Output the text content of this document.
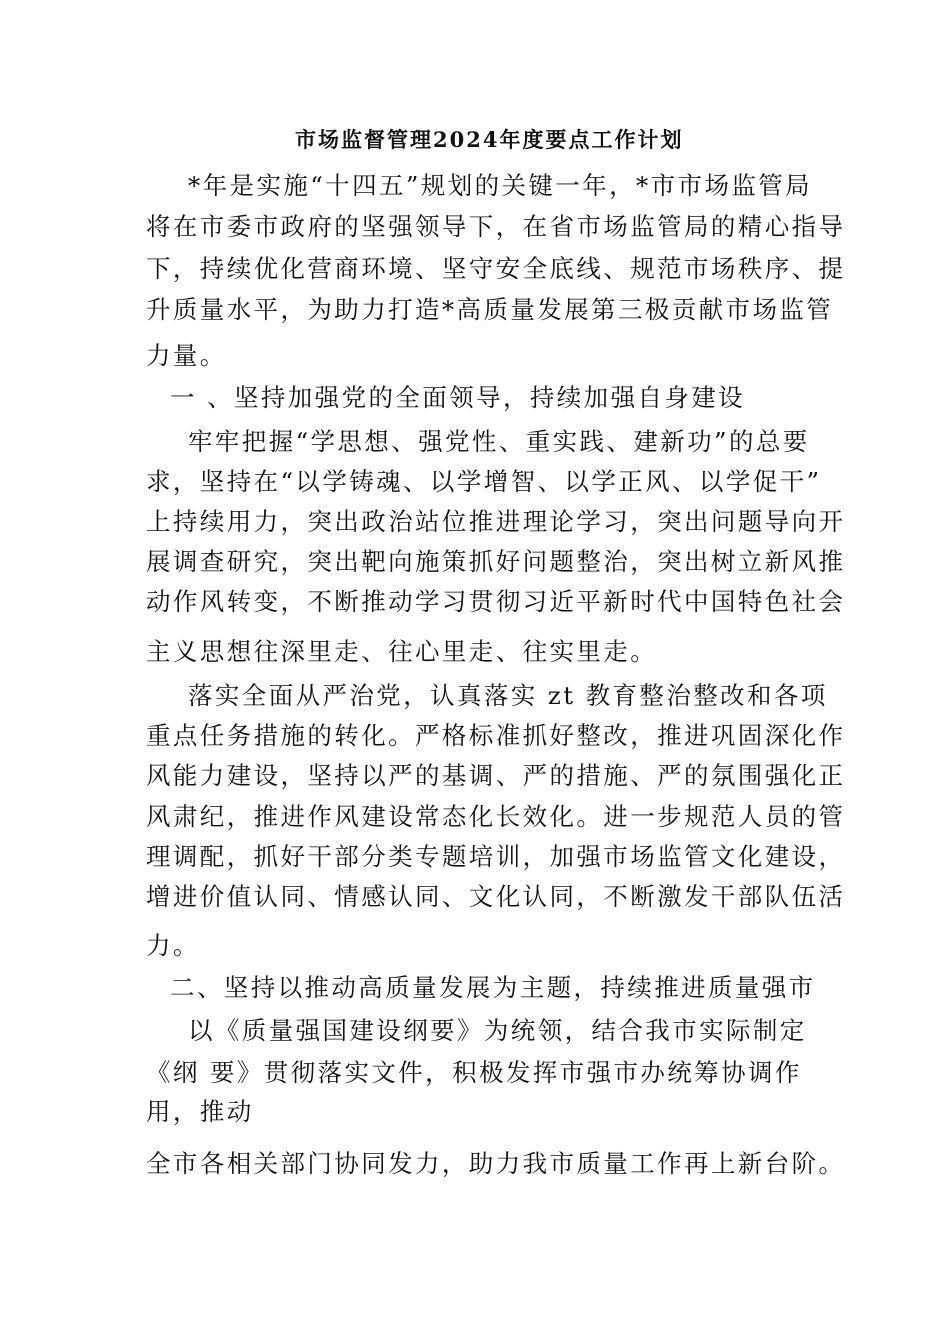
市场监督管理2024年度要点工作计划
*年是实施“十四五”规划的关键一年，*市市场监管局
将在市委市政府的坚强领导下，在省市场监管局的精心指导
下，持续优化营商环境、坚守安全底线、规范市场秩序、提
升质量水平，为助力打造*高质量发展第三极贡献市场监管
力量。
一 、坚持加强党的全面领导，持续加强自身建设
牢牢把握“学思想、强党性、重实践、建新功”的总要
求，坚持在“以学铸魂、以学增智、以学正风、以学促干”
上持续用力，突出政治站位推进理论学习，突出问题导向开
展调查研究，突出靶向施策抓好问题整治，突出树立新风推
动作风转变，不断推动学习贯彻习近平新时代中国特色社会
主义思想往深里走、往心里走、往实里走。
落实全面从严治党，认真落实 zt 教育整治整改和各项
重点任务措施的转化。严格标准抓好整改，推进巩固深化作
风能力建设，坚持以严的基调、严的措施、严的氛围强化正
风肃纪，推进作风建设常态化长效化。进一步规范人员的管
理调配，抓好干部分类专题培训，加强市场监管文化建设，
增进价值认同、情感认同、文化认同，不断激发干部队伍活
力。
二、坚持以推动高质量发展为主题，持续推进质量强市
以《质量强国建设纲要》为统领，结合我市实际制定
《纲 要》贯彻落实文件，积极发挥市强市办统筹协调作
用，推动
全市各相关部门协同发力，助力我市质量工作再上新台阶。
